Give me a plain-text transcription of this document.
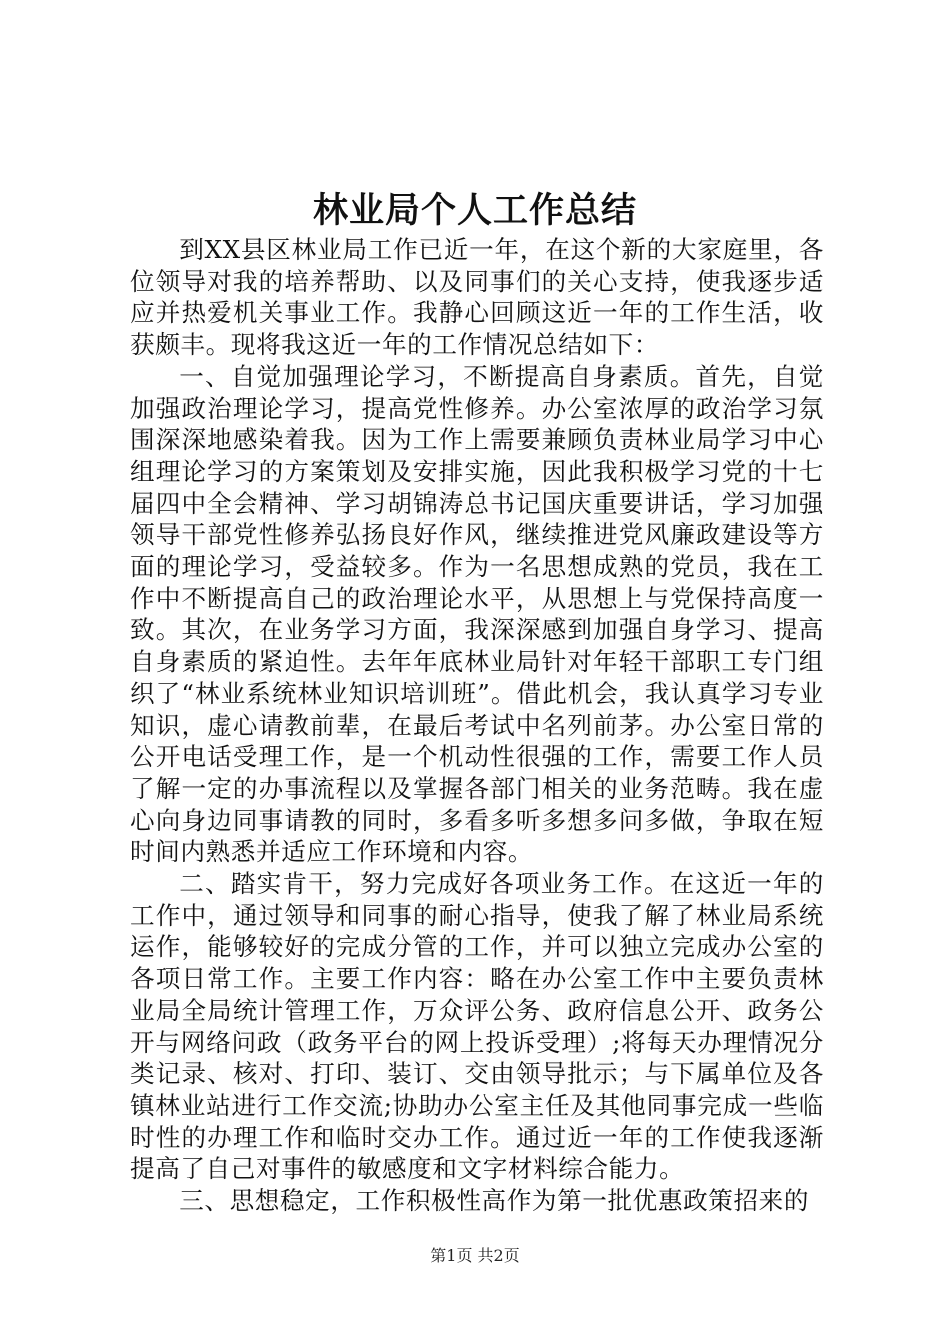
林业局个人工作总结

到XX县区林业局工作已近一年，在这个新的大家庭里，各位领导对我的培养帮助、以及同事们的关心支持，使我逐步适应并热爱机关事业工作。我静心回顾这近一年的工作生活，收获颇丰。现将我这近一年的工作情况总结如下：

一、自觉加强理论学习，不断提高自身素质。首先，自觉加强政治理论学习，提高党性修养。办公室浓厚的政治学习氛围深深地感染着我。因为工作上需要兼顾负责林业局学习中心组理论学习的方案策划及安排实施，因此我积极学习党的十七届四中全会精神、学习胡锦涛总书记国庆重要讲话，学习加强领导干部党性修养弘扬良好作风，继续推进党风廉政建设等方面的理论学习，受益较多。作为一名思想成熟的党员，我在工作中不断提高自己的政治理论水平，从思想上与党保持高度一致。其次，在业务学习方面，我深深感到加强自身学习、提高自身素质的紧迫性。去年年底林业局针对年轻干部职工专门组织了“林业系统林业知识培训班”。借此机会，我认真学习专业知识，虚心请教前辈，在最后考试中名列前茅。办公室日常的公开电话受理工作，是一个机动性很强的工作，需要工作人员了解一定的办事流程以及掌握各部门相关的业务范畴。我在虚心向身边同事请教的同时，多看多听多想多问多做，争取在短时间内熟悉并适应工作环境和内容。

二、踏实肯干，努力完成好各项业务工作。在这近一年的工作中，通过领导和同事的耐心指导，使我了解了林业局系统运作，能够较好的完成分管的工作，并可以独立完成办公室的各项日常工作。主要工作内容：略在办公室工作中主要负责林业局全局统计管理工作，万众评公务、政府信息公开、政务公开与网络问政（政务平台的网上投诉受理）;将每天办理情况分类记录、核对、打印、装订、交由领导批示；与下属单位及各镇林业站进行工作交流;协助办公室主任及其他同事完成一些临时性的办理工作和临时交办工作。通过近一年的工作使我逐渐提高了自己对事件的敏感度和文字材料综合能力。

三、思想稳定，工作积极性高作为第一批优惠政策招来的

第1页 共2页
